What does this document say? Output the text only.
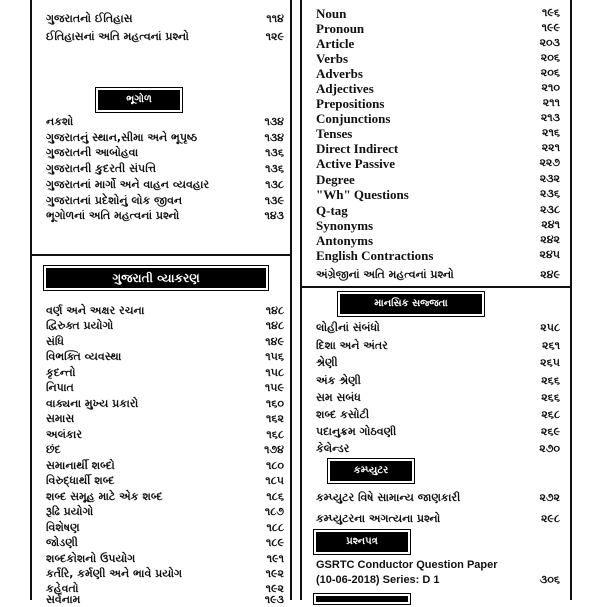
ગુજરાતનો ઈતિહાસ	૧૧૪
ઈતિહાસનાં અતિ મહત્વનાં પ્રશ્નો	૧૨૯
ભૂગોળ
નકશો	૧૩૪
ગુજરાતનું સ્થાન,સીમા અને ભૂપૃષ્ઠ	૧૩૪
ગુજરાતની આબોહવા	૧૩૬
ગુજરાતની કુદરતી સંપત્તિ	૧૩૬
ગુજરાતનાં માર્ગો અને વાહન વ્યવહાર	૧૩૮
ગુજરાતનાં પ્રદેશોનું લોક જીવન	૧૩૯
ભૂગોળનાં અતિ મહત્વનાં પ્રશ્નો	૧૪૩
ગુજરાતી વ્યાકરણ
વર્ણ અને અક્ષર રચના	૧૪૮
દ્વિરુક્ત પ્રયોગો	૧૪૮
સંધિ	૧૪૯
વિભક્તિ વ્યવસ્થા	૧૫૬
કૃદન્તો	૧૫૮
નિપાત	૧૫૯
વાક્યના મુખ્ય પ્રકારો	૧૬૦
સમાસ	૧૬૨
અલંકાર	૧૬૮
છંદ	૧૭૪
સમાનાર્થી શબ્દો	૧૮૦
વિરુદ્ધાર્થી શબ્દ	૧૮૫
શબ્દ સમૂહ માટે એક શબ્દ	૧૮૬
રૂઢિ પ્રયોગો	૧૮૭
વિશેષણ	૧૮૮
જોડણી	૧૮૯
શબ્દકોશનો ઉપયોગ	૧૯૧
કર્તરિ, કર્મણી અને ભાવે પ્રયોગ	૧૯૨
કહેવતો	૧૯૨
સર્વનામ	૧૯૩
Noun	૧૯૬
Pronoun	૧૯૯
Article	૨૦૩
Verbs	૨૦૬
Adverbs	૨૦૬
Adjectives	૨૧૦
Prepositions	૨૧૧
Conjunctions	૨૧૩
Tenses	૨૧૬
Direct Indirect	૨૨૧
Active Passive	૨૨૭
Degree	૨૩૨
"Wh" Questions	૨૩૬
Q-tag	૨૩૮
Synonyms	૨૪૧
Antonyms	૨૪૨
English Contractions	૨૪૫
અંગ્રેજીનાં અતિ મહત્વનાં પ્રશ્નો	૨૪૯
માનસિક સજ્જતા
લોહીનાં સંબંધો	૨૫૮
દિશા અને અંતર	૨૬૧
શ્રેણી	૨૬૫
અંક શ્રેણી	૨૬૬
સમ સબંધ	૨૬૬
શબ્દ કસોટી	૨૬૮
પદાનુક્રમ ગોઠવણી	૨૬૯
કેલેન્ડર	૨૭૦
કમ્પ્યુટર
કમ્પ્યુટર વિષે સામાન્ય જાણકારી	૨૭૨
કમ્પ્યુટરના અગત્યના પ્રશ્નો	૨૯૮
પ્રશ્નપત્ર
GSRTC Conductor Question Paper
(10-06-2018) Series: D 1	૩૦૬
